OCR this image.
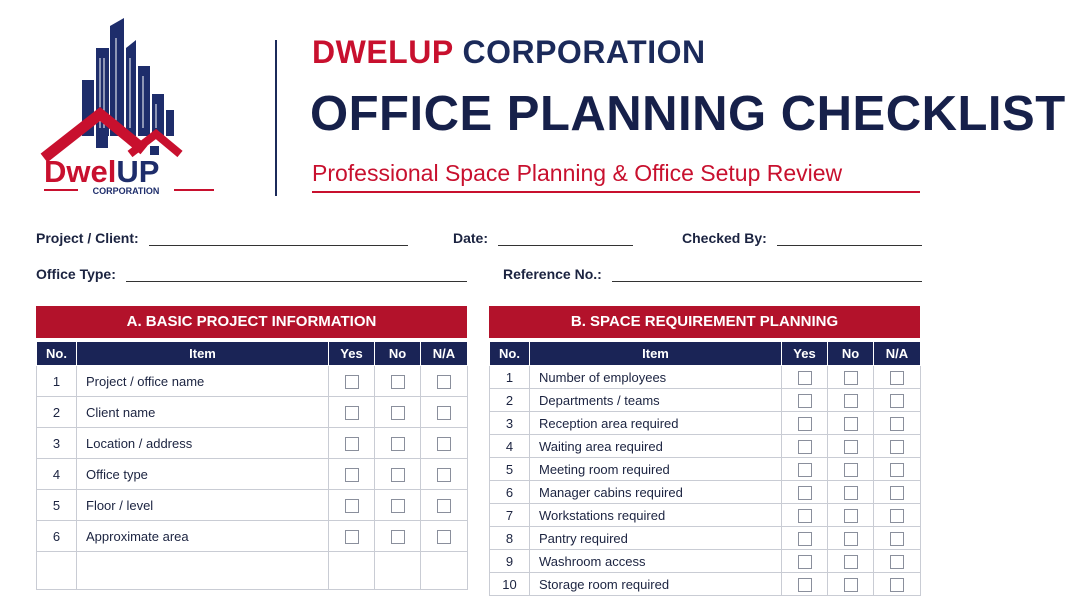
DwelUP
CORPORATION
DWELUP CORPORATION
OFFICE PLANNING CHECKLIST
Professional Space Planning & Office Setup Review
Project / Client:	Date:	Checked By:
Office Type:	Reference No.:
A. BASIC PROJECT INFORMATION
No.	Item	Yes	No	N/A
1	Project / office name			
2	Client name			
3	Location / address			
4	Office type			
5	Floor / level			
6	Approximate area			

B. SPACE REQUIREMENT PLANNING
No.	Item	Yes	No	N/A
1	Number of employees			
2	Departments / teams			
3	Reception area required			
4	Waiting area required			
5	Meeting room required			
6	Manager cabins required			
7	Workstations required			
8	Pantry required			
9	Washroom access			
10	Storage room required			
